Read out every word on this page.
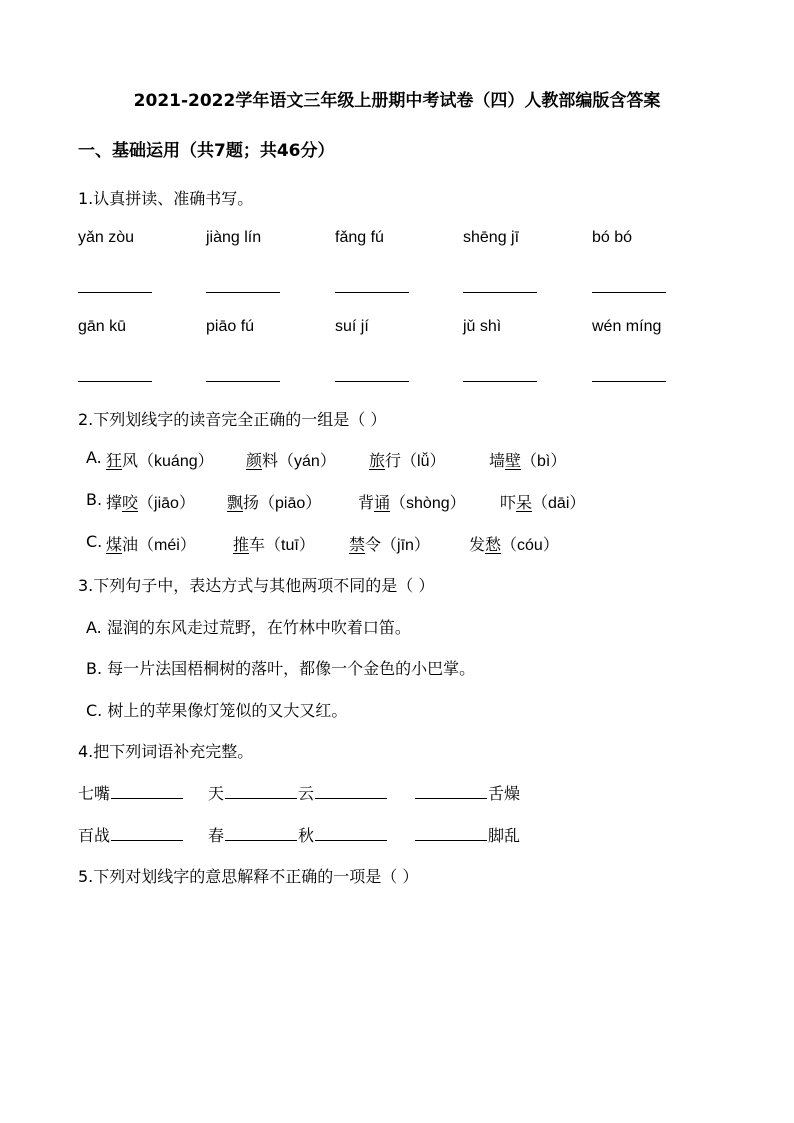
2021-2022学年语文三年级上册期中考试卷（四）人教部编版含答案
一、基础运用（共7题；共46分）
1.认真拼读、准确书写。
yǎn zòu	jiàng lín	fǎng fú	shēng jī	bó bó
gān kū	piāo fú	suí jí	jǔ shì	wén míng
2.下列划线字的读音完全正确的一组是（ ）
A. 狂风（kuáng） 颜料（yán） 旅行（lǚ）	墙壁（bì）
B. 撑咬（jiāo） 飘扬（piāo） 背诵（shòng） 吓呆（dāi）
C. 煤油（méi） 推车（tuī） 禁令（jīn） 发愁（cóu）
3.下列句子中，表达方式与其他两项不同的是（ ）
A. 湿润的东风走过荒野，在竹林中吹着口笛。
B. 每一片法国梧桐树的落叶，都像一个金色的小巴掌。
C. 树上的苹果像灯笼似的又大又红。
4.把下列词语补充完整。
七嘴	天	云	舌燥
百战	春	秋	脚乱
5.下列对划线字的意思解释不正确的一项是（ ）
